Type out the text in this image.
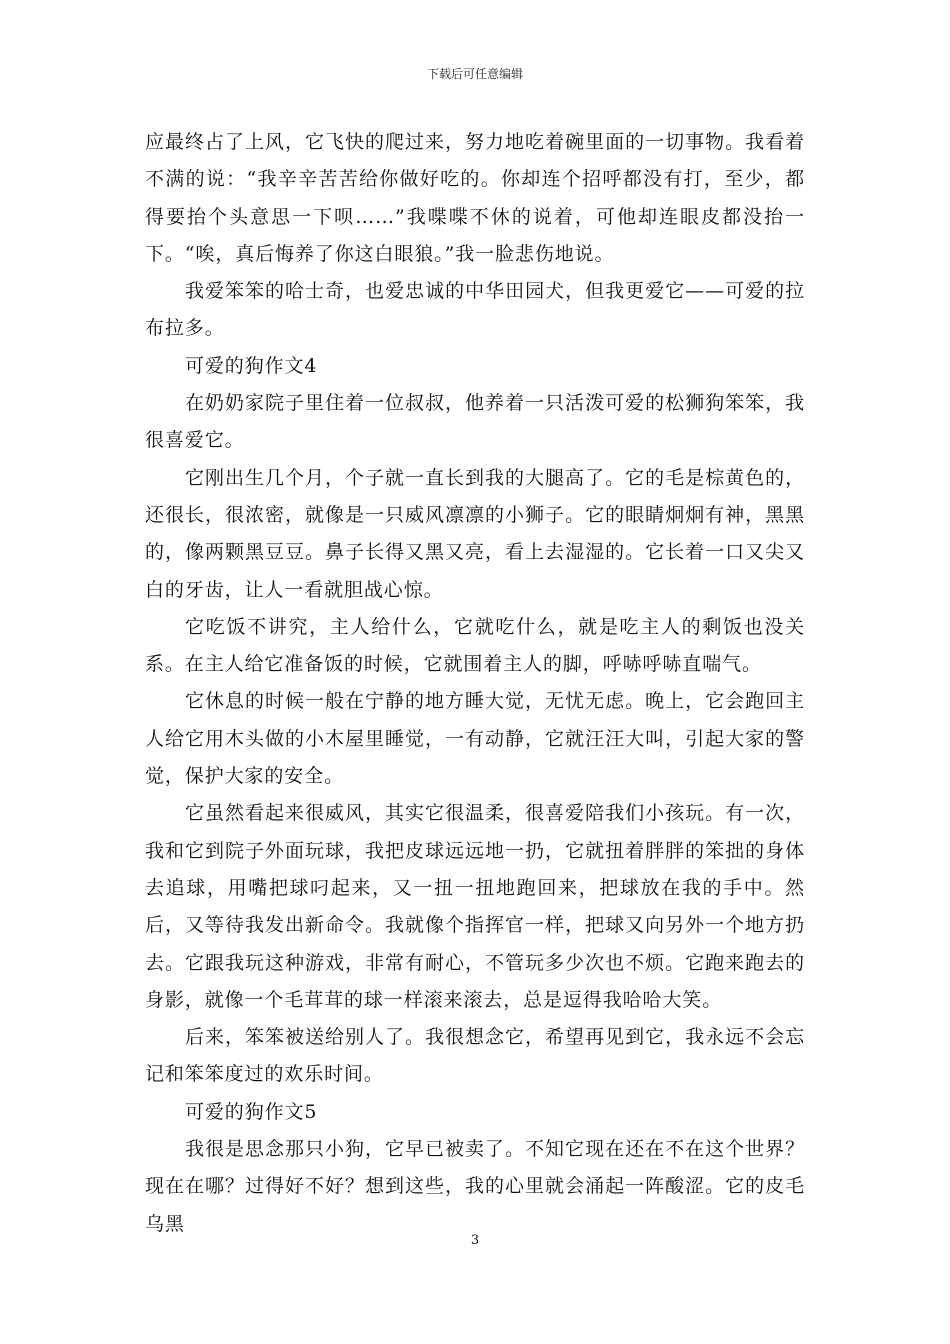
下载后可任意编辑

应最终占了上风，它飞快的爬过来，努力地吃着碗里面的一切事物。我看着不满的说：“我辛辛苦苦给你做好吃的。你却连个招呼都没有打，至少，都得要抬个头意思一下呗……”我喋喋不休的说着，可他却连眼皮都没抬一下。“唉，真后悔养了你这白眼狼。”我一脸悲伤地说。

我爱笨笨的哈士奇，也爱忠诚的中华田园犬，但我更爱它——可爱的拉布拉多。

可爱的狗作文4

在奶奶家院子里住着一位叔叔，他养着一只活泼可爱的松狮狗笨笨，我很喜爱它。

它刚出生几个月，个子就一直长到我的大腿高了。它的毛是棕黄色的，还很长，很浓密，就像是一只威风凛凛的小狮子。它的眼睛炯炯有神，黑黑的，像两颗黑豆豆。鼻子长得又黑又亮，看上去湿湿的。它长着一口又尖又白的牙齿，让人一看就胆战心惊。

它吃饭不讲究，主人给什么，它就吃什么，就是吃主人的剩饭也没关系。在主人给它准备饭的时候，它就围着主人的脚，呼哧呼哧直喘气。

它休息的时候一般在宁静的地方睡大觉，无忧无虑。晚上，它会跑回主人给它用木头做的小木屋里睡觉，一有动静，它就汪汪大叫，引起大家的警觉，保护大家的安全。

它虽然看起来很威风，其实它很温柔，很喜爱陪我们小孩玩。有一次，我和它到院子外面玩球，我把皮球远远地一扔，它就扭着胖胖的笨拙的身体去追球，用嘴把球叼起来，又一扭一扭地跑回来，把球放在我的手中。然后，又等待我发出新命令。我就像个指挥官一样，把球又向另外一个地方扔去。它跟我玩这种游戏，非常有耐心，不管玩多少次也不烦。它跑来跑去的身影，就像一个毛茸茸的球一样滚来滚去，总是逗得我哈哈大笑。

后来，笨笨被送给别人了。我很想念它，希望再见到它，我永远不会忘记和笨笨度过的欢乐时间。

可爱的狗作文5

我很是思念那只小狗，它早已被卖了。不知它现在还在不在这个世界？现在在哪？过得好不好？想到这些，我的心里就会涌起一阵酸涩。它的皮毛乌黑

3
